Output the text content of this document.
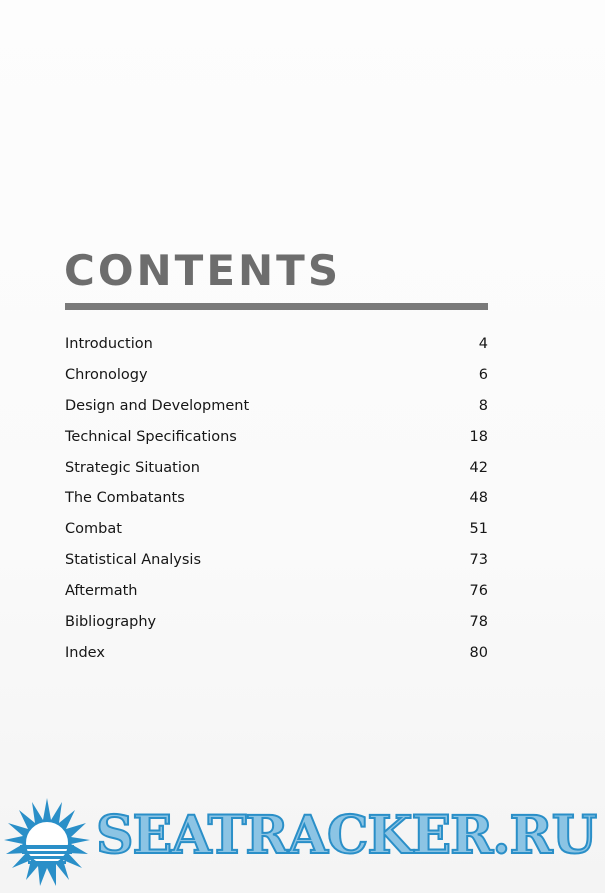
CONTENTS
Introduction	4
Chronology	6
Design and Development	8
Technical Specifications	18
Strategic Situation	42
The Combatants	48
Combat	51
Statistical Analysis	73
Aftermath	76
Bibliography	78
Index	80
SEATRACKER.RU
